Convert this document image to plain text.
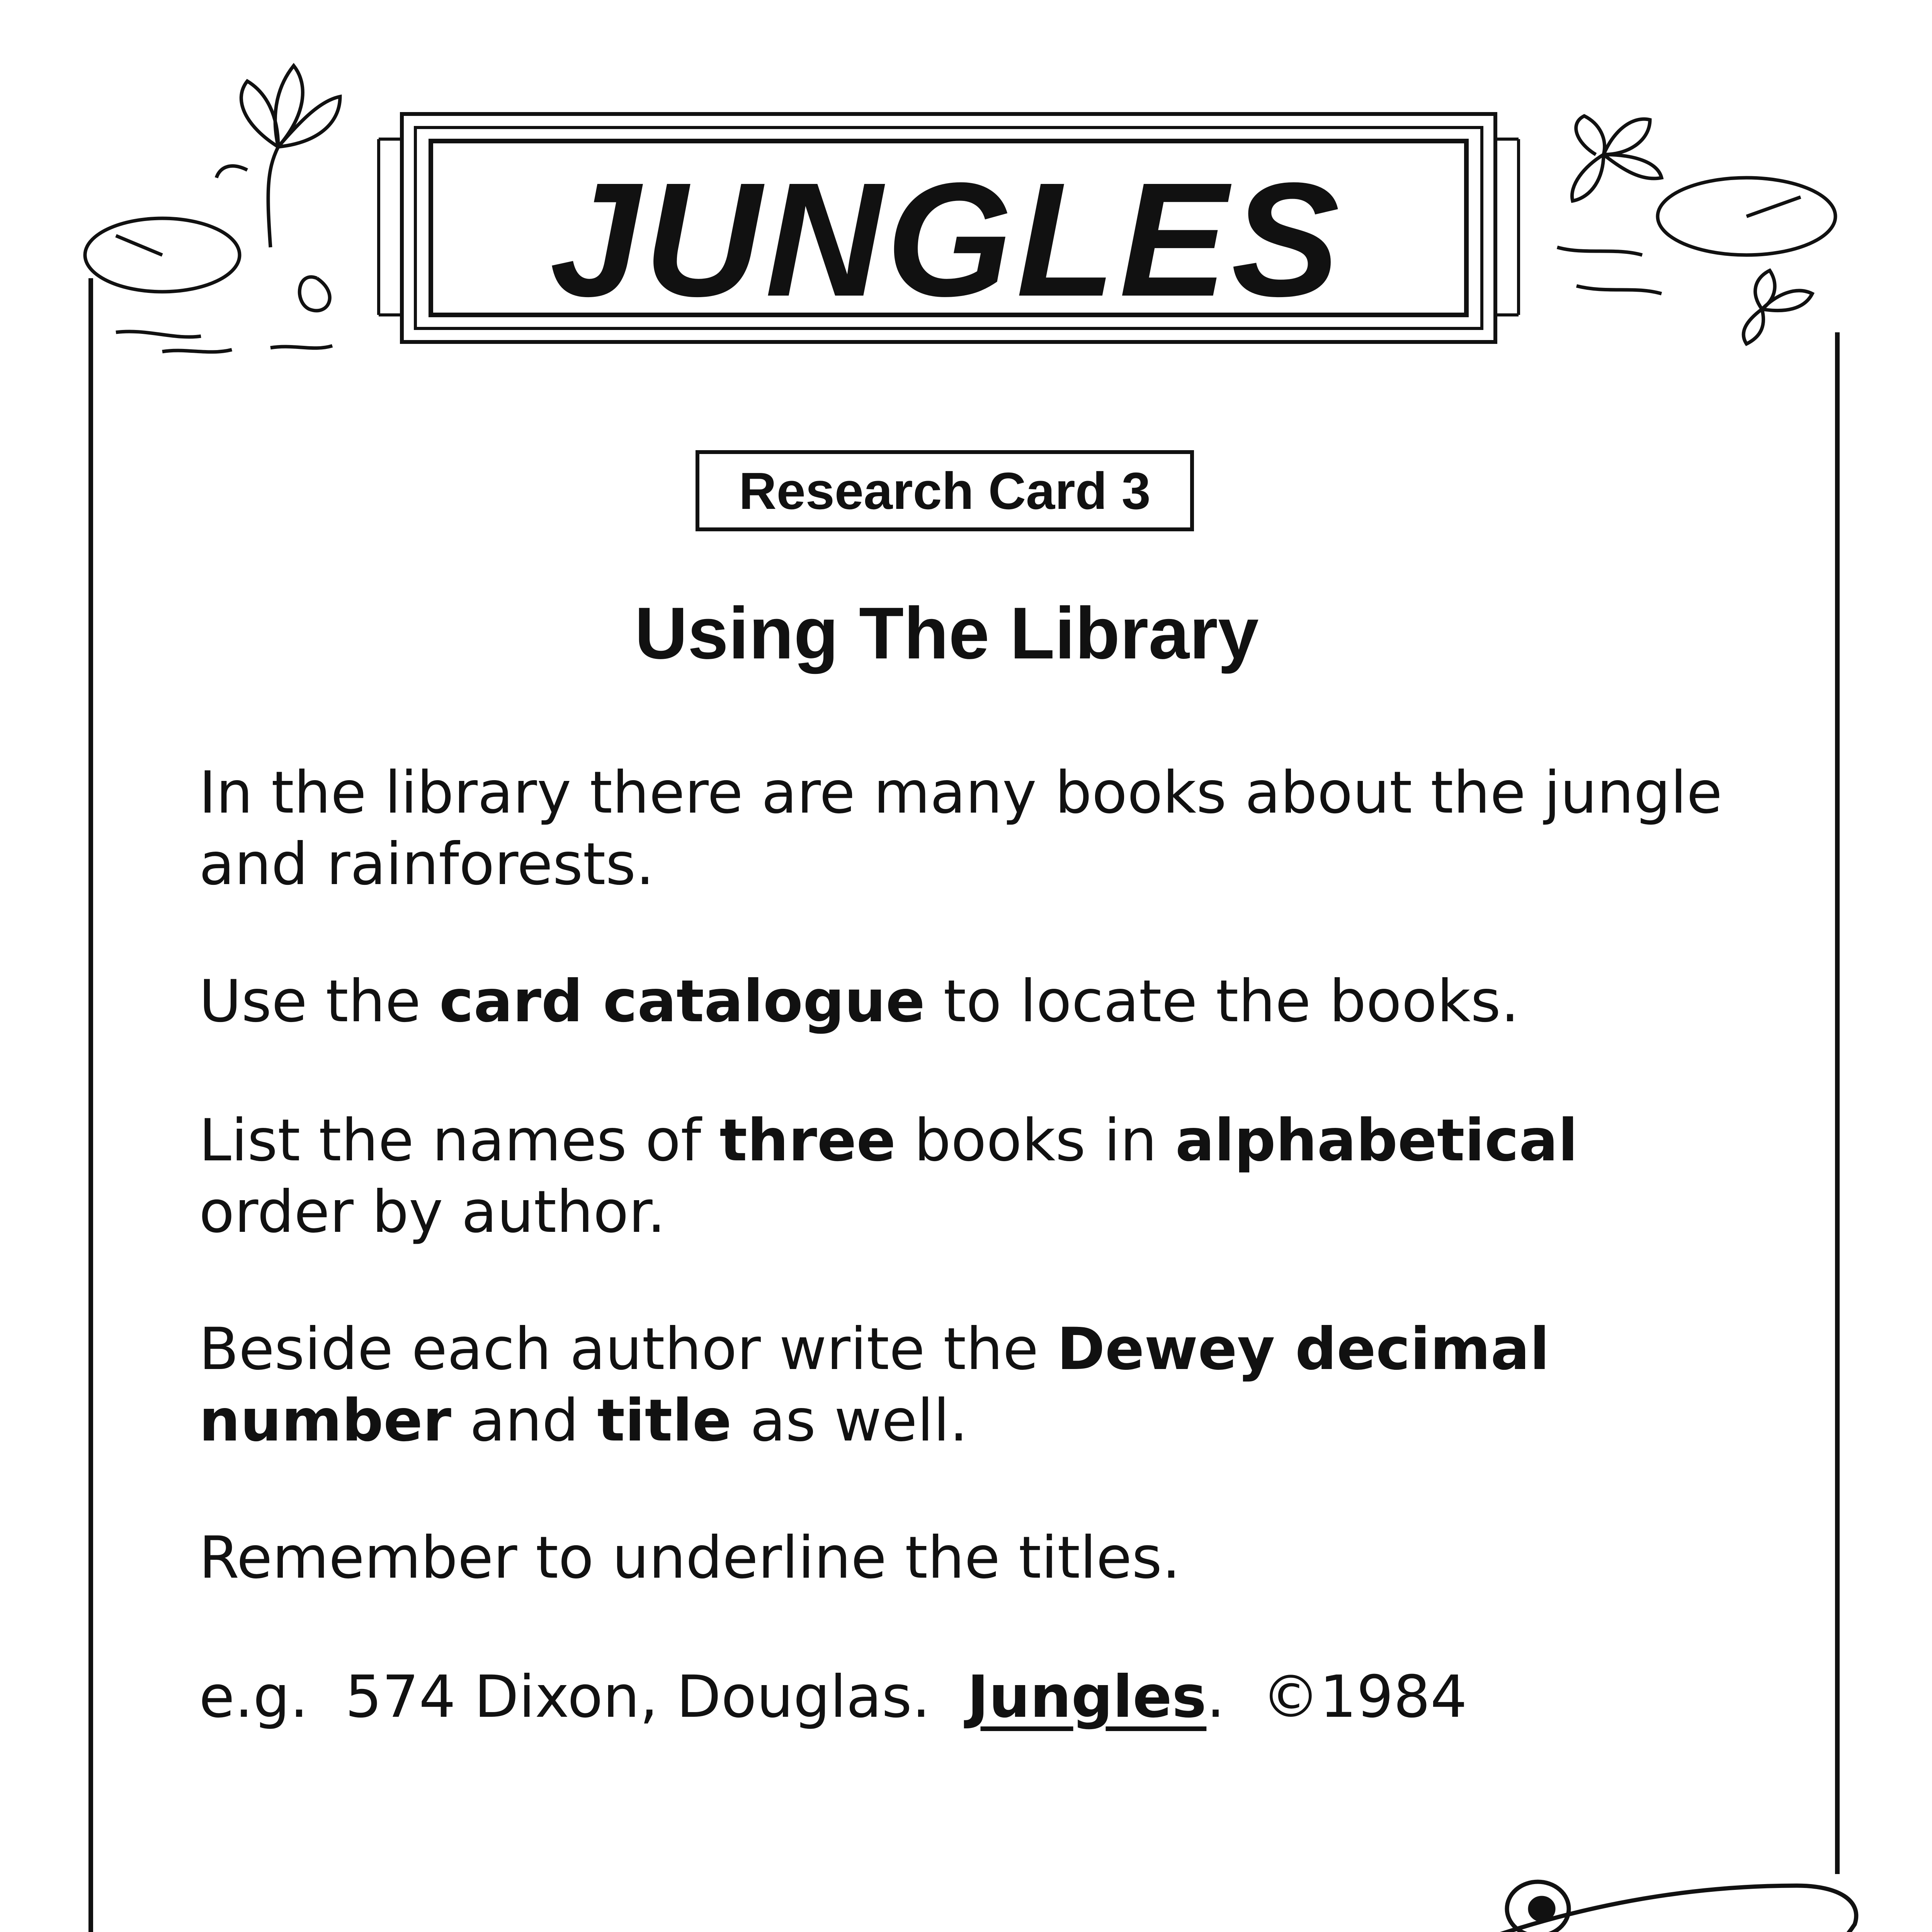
JUNGLES
Research Card 3
Using The Library
In the library there are many books about the jungle and rainforests.
Use the card catalogue to locate the books.
List the names of three books in alphabetical order by author.
Beside each author write the Dewey decimal number and title as well.
Remember to underline the titles.
e.g.  574 Dixon, Douglas.  Jungles.  ©1984
